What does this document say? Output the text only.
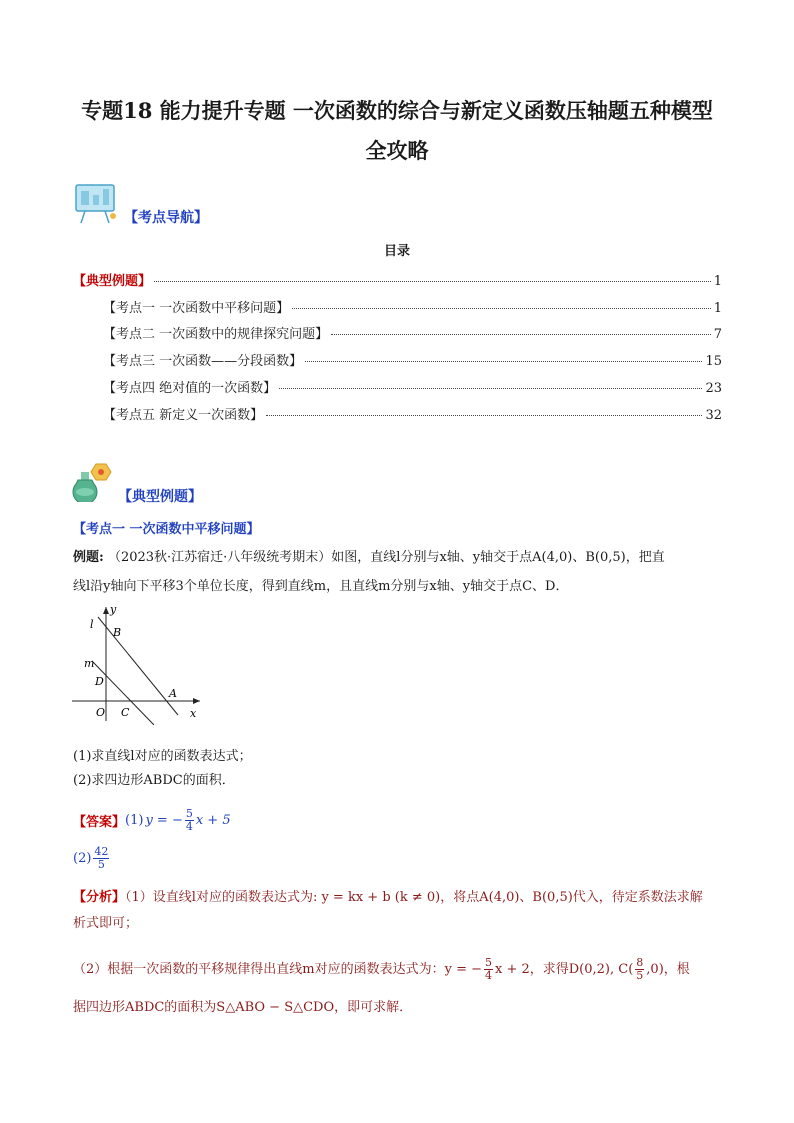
专题18 能力提升专题 一次函数的综合与新定义函数压轴题五种模型
全攻略
【考点导航】
目录
【典型例题】	1
【考点一 一次函数中平移问题】	1
【考点二 一次函数中的规律探究问题】	7
【考点三 一次函数——分段函数】	15
【考点四 绝对值的一次函数】	23
【考点五 新定义一次函数】	32
【典型例题】
【考点一 一次函数中平移问题】
例题: （2023秋·江苏宿迁·八年级统考期末）如图，直线l分别与x轴、y轴交于点A(4,0)、B(0,5)，把直
线l沿y轴向下平移3个单位长度，得到直线m，且直线m分别与x轴、y轴交于点C、D．
y
x
l
m
B
D
A
O C
(1)求直线l对应的函数表达式；
(2)求四边形ABDC的面积．
【答案】 (1) y = − $\frac{5}{4}$ x + 5
$(2) \frac{42}{5}$
【分析】（1）设直线l对应的函数表达式为: y = kx + b (k ≠ 0)，将点A(4,0)、B(0,5)代入，待定系数法求解
析式即可；
（2）根据一次函数的平移规律得出直线m对应的函数表达式为：y = − $\frac{5}{4}$ x + 2，求得D(0,2), $C( \frac{8}{5} ,0)$，根
据四边形ABDC的面积为S△ABO − S△CDO，即可求解．
